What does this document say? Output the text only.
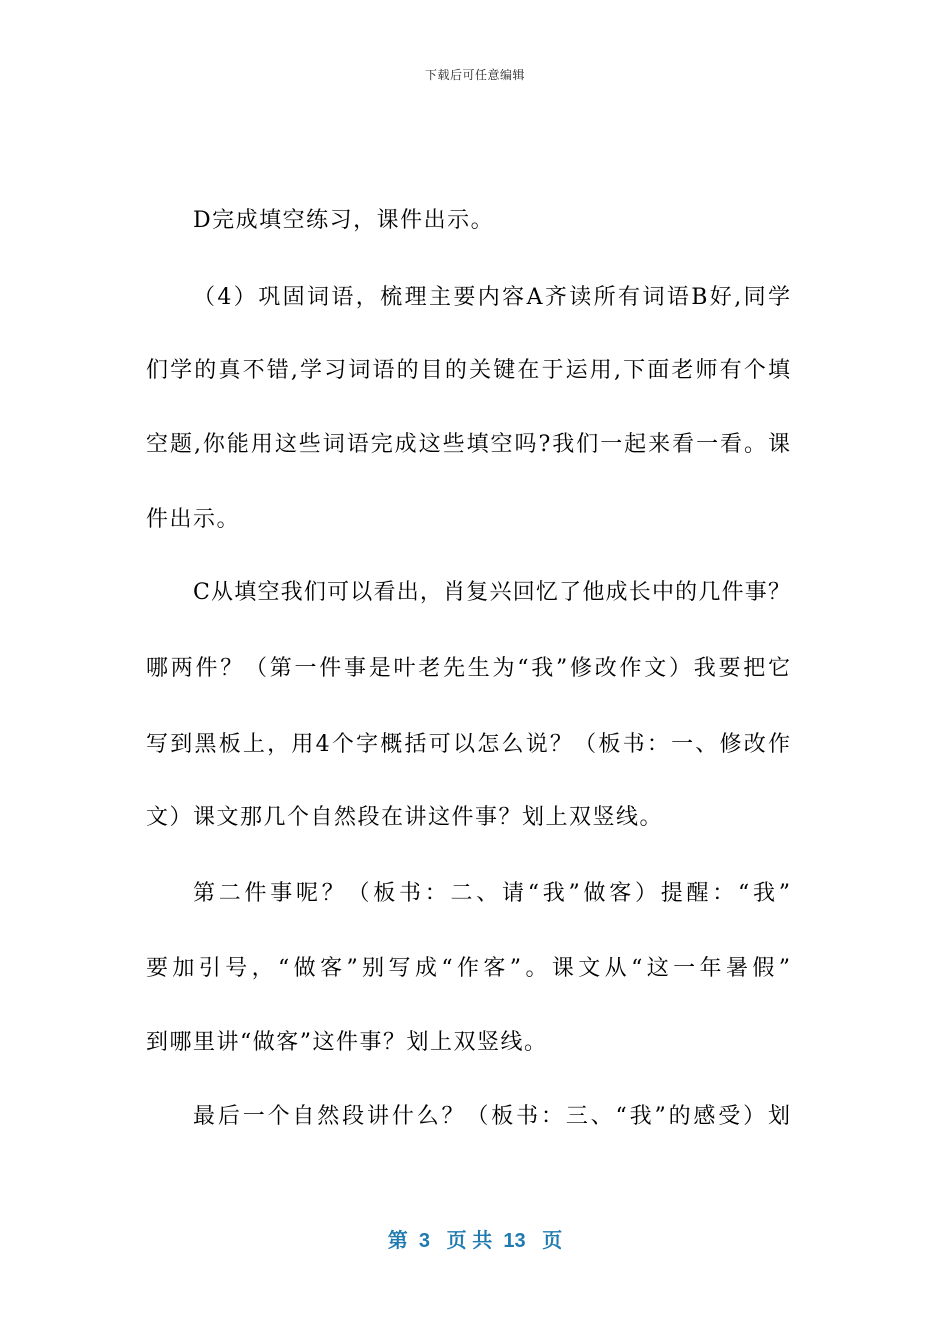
下载后可任意编辑
D完成填空练习，课件出示。
（4）巩固词语，梳理主要内容A齐读所有词语B好,同学
们学的真不错,学习词语的目的关键在于运用,下面老师有个填
空题,你能用这些词语完成这些填空吗?我们一起来看一看。课
件出示。
C从填空我们可以看出，肖复兴回忆了他成长中的几件事？
哪两件？（第一件事是叶老先生为“我”修改作文）我要把它
写到黑板上，用4个字概括可以怎么说？（板书：一、修改作
文）课文那几个自然段在讲这件事？划上双竖线。
第二件事呢？（板书：二、请“我”做客）提醒：“我”
要加引号，“做客”别写成“作客”。课文从“这一年暑假”
到哪里讲“做客”这件事？划上双竖线。
最后一个自然段讲什么？（板书：三、“我”的感受）划
第  3   页 共  13   页
